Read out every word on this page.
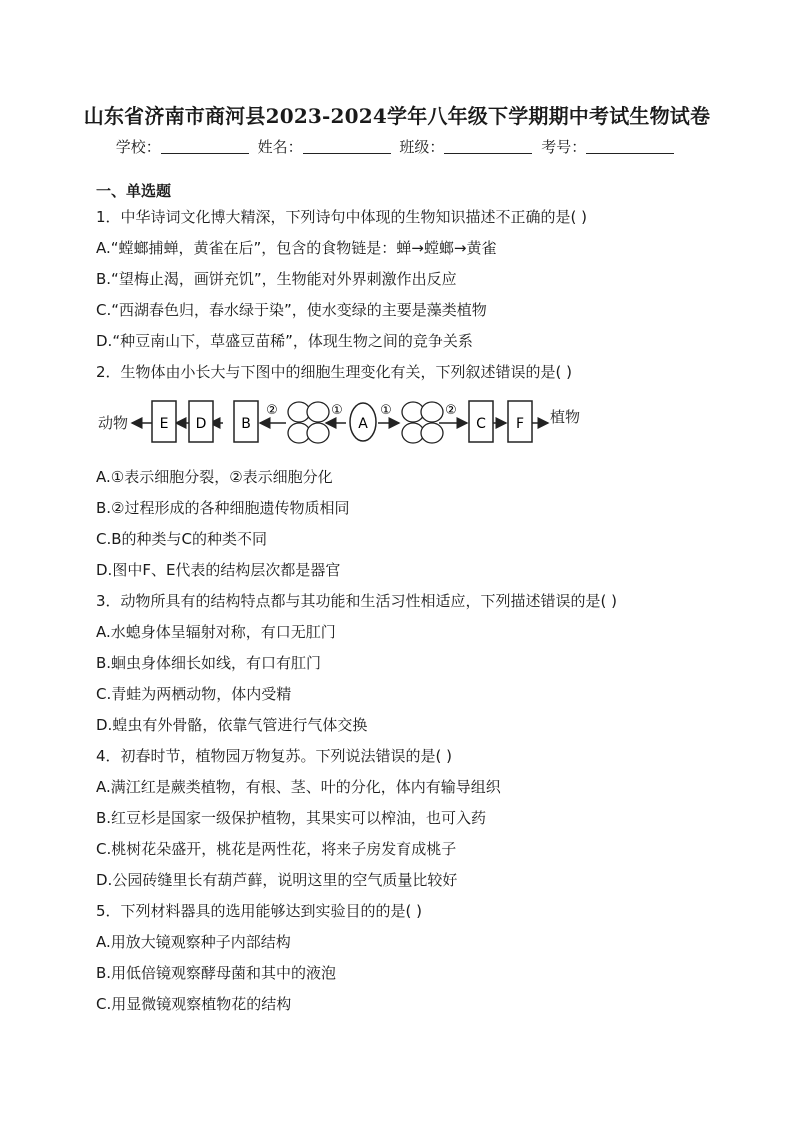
山东省济南市商河县2023-2024学年八年级下学期期中考试生物试卷
学校：	姓名：	班级：	考号：
一、单选题
1．中华诗词文化博大精深，下列诗句中体现的生物知识描述不正确的是( )
A.“螳螂捕蝉，黄雀在后”，包含的食物链是：蝉→螳螂→黄雀
B.“望梅止渴，画饼充饥”，生物能对外界刺激作出反应
C.“西湖春色归，春水绿于染”，使水变绿的主要是藻类植物
D.“种豆南山下，草盛豆苗稀”，体现生物之间的竞争关系
2．生物体由小长大与下图中的细胞生理变化有关，下列叙述错误的是( )
动物 E D B
②	①
A
①	②
C F 植物
A.①表示细胞分裂，②表示细胞分化
B.②过程形成的各种细胞遗传物质相同
C.B的种类与C的种类不同
D.图中F、E代表的结构层次都是器官
3．动物所具有的结构特点都与其功能和生活习性相适应，下列描述错误的是( )
A.水螅身体呈辐射对称，有口无肛门
B.蛔虫身体细长如线，有口有肛门
C.青蛙为两栖动物，体内受精
D.蝗虫有外骨骼，依靠气管进行气体交换
4．初春时节，植物园万物复苏。下列说法错误的是( )
A.满江红是蕨类植物，有根、茎、叶的分化，体内有输导组织
B.红豆杉是国家一级保护植物，其果实可以榨油，也可入药
C.桃树花朵盛开，桃花是两性花，将来子房发育成桃子
D.公园砖缝里长有葫芦藓，说明这里的空气质量比较好
5．下列材料器具的选用能够达到实验目的的是( )
A.用放大镜观察种子内部结构
B.用低倍镜观察酵母菌和其中的液泡
C.用显微镜观察植物花的结构
